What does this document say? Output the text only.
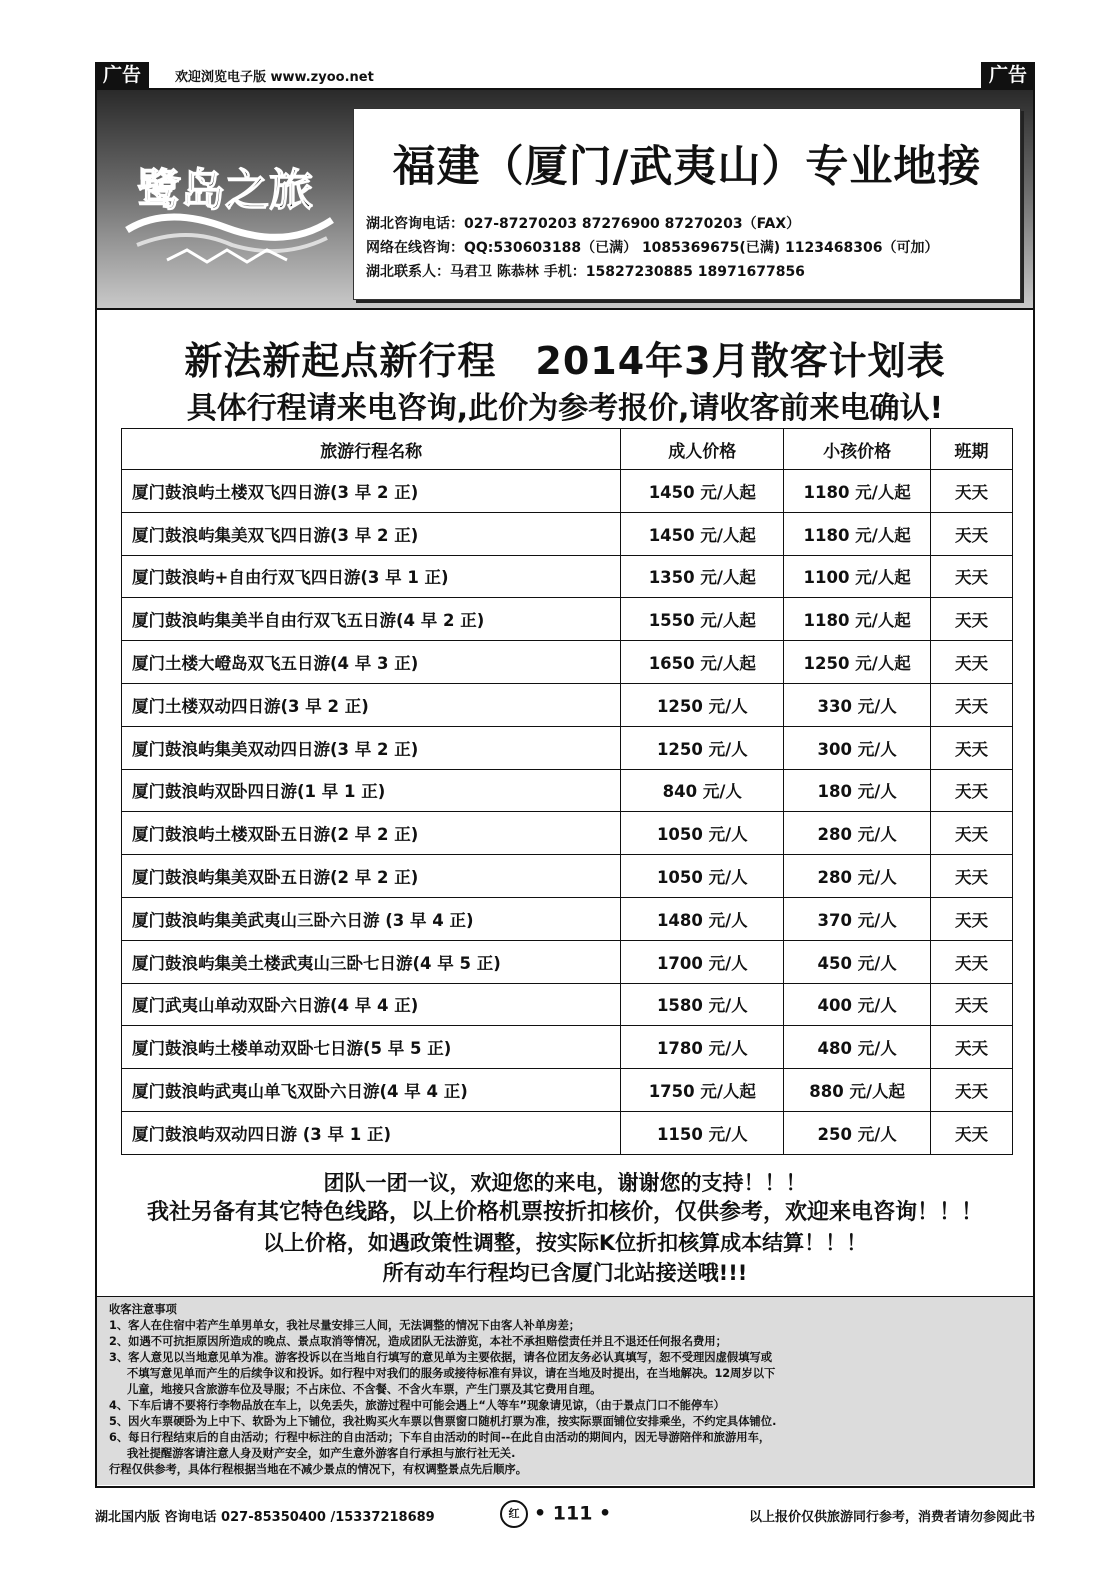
广告	欢迎浏览电子版 www.zyoo.net	广告
鹭岛之旅	福建（厦门/武夷山）专业地接
湖北咨询电话：027-87270203 87276900 87270203（FAX）
网络在线咨询：QQ:530603188（已满） 1085369675(已满) 1123468306（可加）
湖北联系人：马君卫 陈恭林 手机：15827230885 18971677856
新法新起点新行程　2014年3月散客计划表
具体行程请来电咨询,此价为参考报价,请收客前来电确认!
旅游行程名称	成人价格	小孩价格	班期
厦门鼓浪屿土楼双飞四日游(3 早 2 正)	1450 元/人起	1180 元/人起	天天
厦门鼓浪屿集美双飞四日游(3 早 2 正)	1450 元/人起	1180 元/人起	天天
厦门鼓浪屿+自由行双飞四日游(3 早 1 正)	1350 元/人起	1100 元/人起	天天
厦门鼓浪屿集美半自由行双飞五日游(4 早 2 正)	1550 元/人起	1180 元/人起	天天
厦门土楼大嶝岛双飞五日游(4 早 3 正)	1650 元/人起	1250 元/人起	天天
厦门土楼双动四日游(3 早 2 正)	1250 元/人	330 元/人	天天
厦门鼓浪屿集美双动四日游(3 早 2 正)	1250 元/人	300 元/人	天天
厦门鼓浪屿双卧四日游(1 早 1 正)	840 元/人	180 元/人	天天
厦门鼓浪屿土楼双卧五日游(2 早 2 正)	1050 元/人	280 元/人	天天
厦门鼓浪屿集美双卧五日游(2 早 2 正)	1050 元/人	280 元/人	天天
厦门鼓浪屿集美武夷山三卧六日游 (3 早 4 正)	1480 元/人	370 元/人	天天
厦门鼓浪屿集美土楼武夷山三卧七日游(4 早 5 正)	1700 元/人	450 元/人	天天
厦门武夷山单动双卧六日游(4 早 4 正)	1580 元/人	400 元/人	天天
厦门鼓浪屿土楼单动双卧七日游(5 早 5 正)	1780 元/人	480 元/人	天天
厦门鼓浪屿武夷山单飞双卧六日游(4 早 4 正)	1750 元/人起	880 元/人起	天天
厦门鼓浪屿双动四日游 (3 早 1 正)	1150 元/人	250 元/人	天天
团队一团一议，欢迎您的来电，谢谢您的支持！！！
我社另备有其它特色线路，以上价格机票按折扣核价，仅供参考，欢迎来电咨询！！！
以上价格，如遇政策性调整，按实际K位折扣核算成本结算！！！
所有动车行程均已含厦门北站接送哦!!!
收客注意事项
1、客人在住宿中若产生单男单女，我社尽量安排三人间，无法调整的情况下由客人补单房差；
2、如遇不可抗拒原因所造成的晚点、景点取消等情况，造成团队无法游览，本社不承担赔偿责任并且不退还任何报名费用；
3、客人意见以当地意见单为准。游客投诉以在当地自行填写的意见单为主要依据，请各位团友务必认真填写，恕不受理因虚假填写或
不填写意见单而产生的后续争议和投诉。如行程中对我们的服务或接待标准有异议，请在当地及时提出，在当地解决。12周岁以下
儿童，地接只含旅游车位及导服；不占床位、不含餐、不含火车票，产生门票及其它费用自理。
4、下车后请不要将行李物品放在车上，以免丢失，旅游过程中可能会遇上“人等车”现象请见谅，（由于景点门口不能停车）
5、因火车票硬卧为上中下、软卧为上下铺位，我社购买火车票以售票窗口随机打票为准，按实际票面铺位安排乘坐，不约定具体铺位.
6、每日行程结束后的自由活动；行程中标注的自由活动；下车自由活动的时间--在此自由活动的期间内，因无导游陪伴和旅游用车，
我社提醒游客请注意人身及财产安全，如产生意外游客自行承担与旅行社无关.
行程仅供参考，具体行程根据当地在不减少景点的情况下，有权调整景点先后顺序。
湖北国内版 咨询电话 027-85350400 /15337218689	红 • 111 •	以上报价仅供旅游同行参考，消费者请勿参阅此书
